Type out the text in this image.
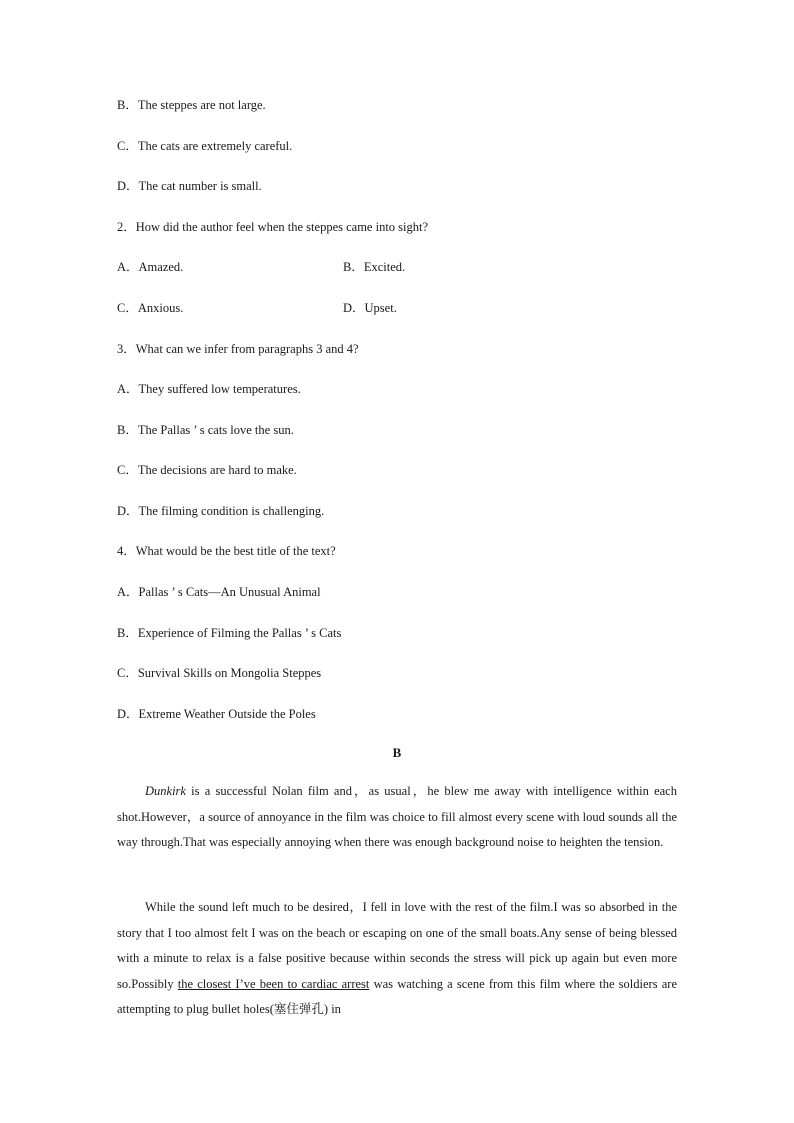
B．The steppes are not large.
C．The cats are extremely careful.
D．The cat number is small.
2．How did the author feel when the steppes came into sight?
A．Amazed.	B．Excited.
C．Anxious.	D．Upset.
3．What can we infer from paragraphs 3 and 4?
A．They suffered low temperatures.
B．The Pallas ’ s cats love the sun.
C．The decisions are hard to make.
D．The filming condition is challenging.
4．What would be the best title of the text?
A．Pallas ’ s Cats—An Unusual Animal
B．Experience of Filming the Pallas ’ s Cats
C．Survival Skills on Mongolia Steppes
D．Extreme Weather Outside the Poles
B

Dunkirk is a successful Nolan film and，as usual，he blew me away with intelligence within each shot.However，a source of annoyance in the film was choice to fill almost every scene with loud sounds all the way through.That was especially annoying when there was enough background noise to heighten the tension.

While the sound left much to be desired，I fell in love with the rest of the film.I was so absorbed in the story that I too almost felt I was on the beach or escaping on one of the small boats.Any sense of being blessed with a minute to relax is a false positive because within seconds the stress will pick up again but even more so.Possibly the closest I’ve been to cardiac arrest was watching a scene from this film where the soldiers are attempting to plug bullet holes(塞住弹孔) in
